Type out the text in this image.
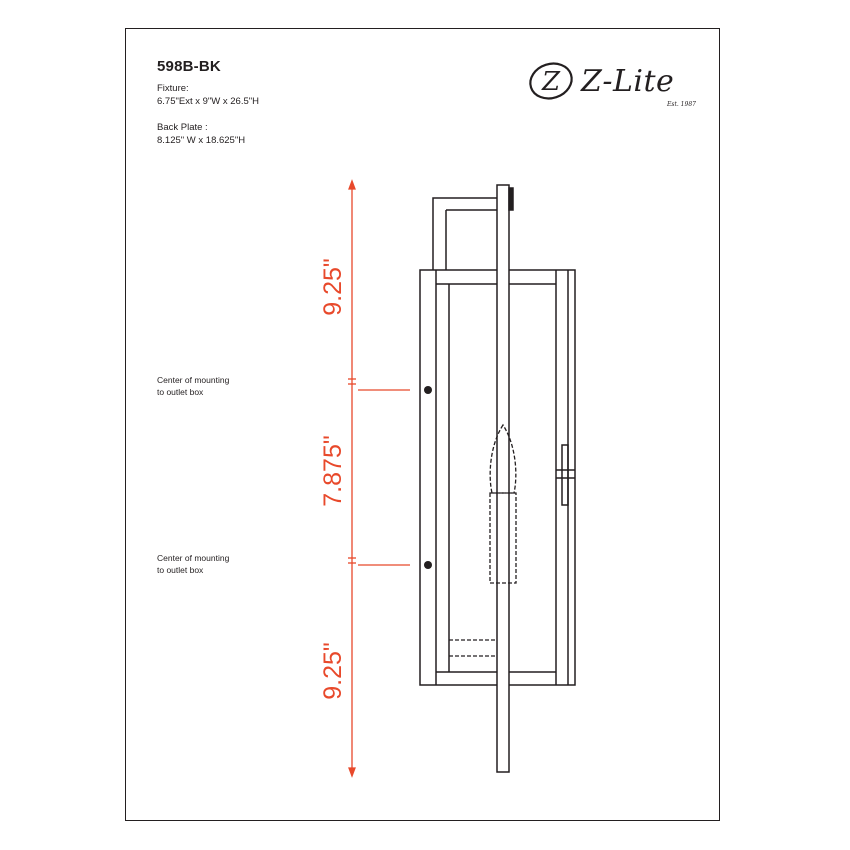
598B-BK
Fixture:
6.75"Ext x 9"W x 26.5"H
Back Plate :
8.125" W x 18.625"H
Center of mounting
to outlet box
Center of mounting
to outlet box
Z Z-Lite
Est. 1987
9.25"
7.875"
9.25"
